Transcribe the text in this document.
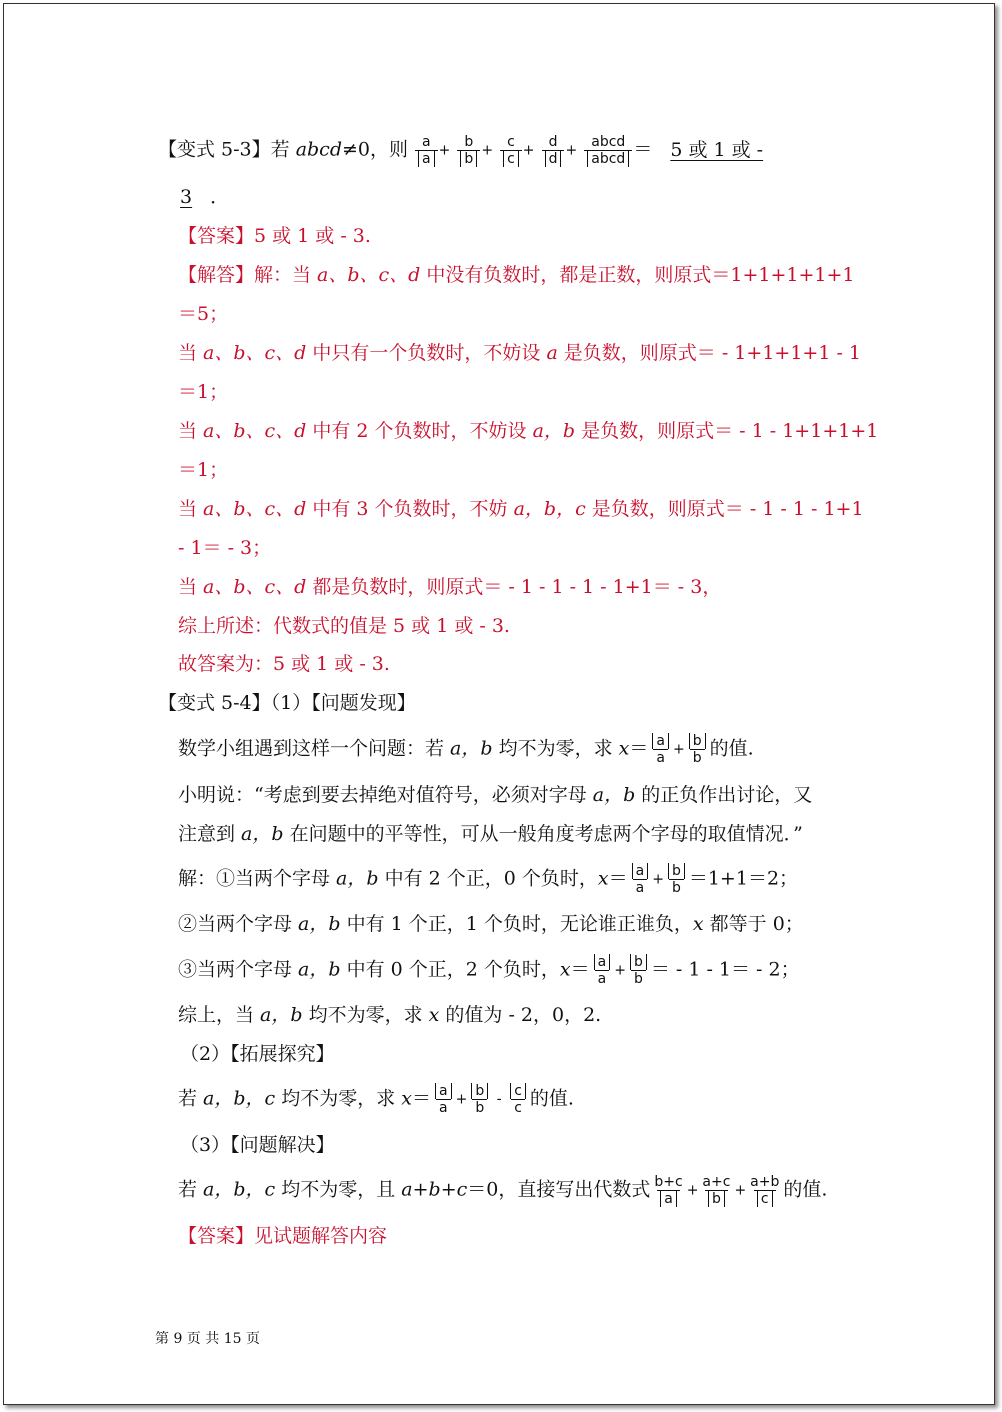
【变式 5-3】若 abcd≠0，则 $\frac{a}{a} + \frac{b}{b} + \frac{c}{c} + \frac{d}{d} + \frac{\text{abcd}}{\text{abcd}} = 5$ 或 1 或 -
3 ．
【答案】5 或 1 或 - 3.
【解答】解：当 a、b、c、d 中没有负数时，都是正数，则原式＝1+1+1+1+1
＝5；
当 a、b、c、d 中只有一个负数时，不妨设 a 是负数，则原式＝ - 1+1+1+1 - 1
＝1；
当 a、b、c、d 中有 2 个负数时，不妨设 a，b 是负数，则原式＝ - 1 - 1+1+1+1
＝1；
当 a、b、c、d 中有 3 个负数时，不妨 a，b，c 是负数，则原式＝ - 1 - 1 - 1+1
- 1＝ - 3；
当 a、b、c、d 都是负数时，则原式＝ - 1 - 1 - 1 - 1+1＝ - 3，
综上所述：代数式的值是 5 或 1 或 - 3.
故答案为：5 或 1 或 - 3.
【变式 5-4】（1）【问题发现】
数学小组遇到这样一个问题：若 a，b 均不为零，求 $x= \frac{a}{a} + \frac{b}{b}$ 的值.
小明说：“考虑到要去掉绝对值符号，必须对字母 a，b 的正负作出讨论，又
注意到 a，b 在问题中的平等性，可从一般角度考虑两个字母的取值情况．”
解：①当两个字母 a，b 中有 2 个正，0 个负时，$x= \frac{a}{a} + \frac{b}{b} =1+1=2$；
②当两个字母 a，b 中有 1 个正，1 个负时，无论谁正谁负，x 都等于 0；
③当两个字母 a，b 中有 0 个正，2 个负时，$x= \frac{a}{a} + \frac{b}{b}$ ＝ - 1 - 1＝ - 2；
综上，当 a，b 均不为零，求 x 的值为 - 2，0，2.
（2）【拓展探究】
若 a，b，c 均不为零，求 $x= \frac{a}{a} + \frac{b}{b} - \frac{c}{c}$ 的值.
（3）【问题解决】
若 a，b，c 均不为零，且 a+b+c＝0，直接写出代数式 $\frac{b+c}{a} + \frac{a+c}{b} + \frac{a+b}{c}$ 的值.
【答案】见试题解答内容
第 9 页 共 15 页
